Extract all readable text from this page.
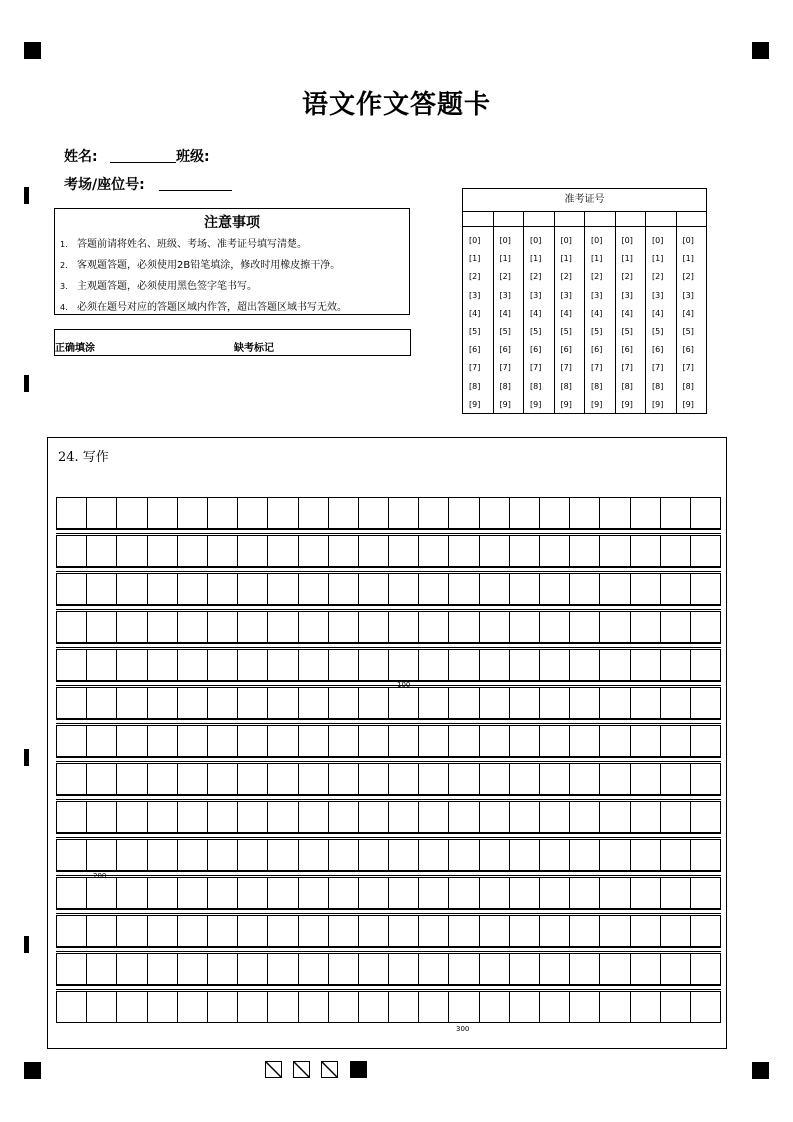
语文作文答题卡
姓名:	班级:
考场/座位号:
注意事项
1. 答题前请将姓名、班级、考场、准考证号填写清楚。
2. 客观题答题，必须使用2B铅笔填涂，修改时用橡皮擦干净。
3. 主观题答题，必须使用黑色签字笔书写。
4. 必须在题号对应的答题区域内作答，超出答题区域书写无效。
正确填涂	缺考标记
准考证号
[0]
[1]
[2]
[3]
[4]
[5]
[6]
[7]
[8]
[9]
[0]
[1]
[2]
[3]
[4]
[5]
[6]
[7]
[8]
[9]
[0]
[1]
[2]
[3]
[4]
[5]
[6]
[7]
[8]
[9]
[0]
[1]
[2]
[3]
[4]
[5]
[6]
[7]
[8]
[9]
[0]
[1]
[2]
[3]
[4]
[5]
[6]
[7]
[8]
[9]
[0]
[1]
[2]
[3]
[4]
[5]
[6]
[7]
[8]
[9]
[0]
[1]
[2]
[3]
[4]
[5]
[6]
[7]
[8]
[9]
[0]
[1]
[2]
[3]
[4]
[5]
[6]
[7]
[8]
[9]
24. 写作
100
200
300
